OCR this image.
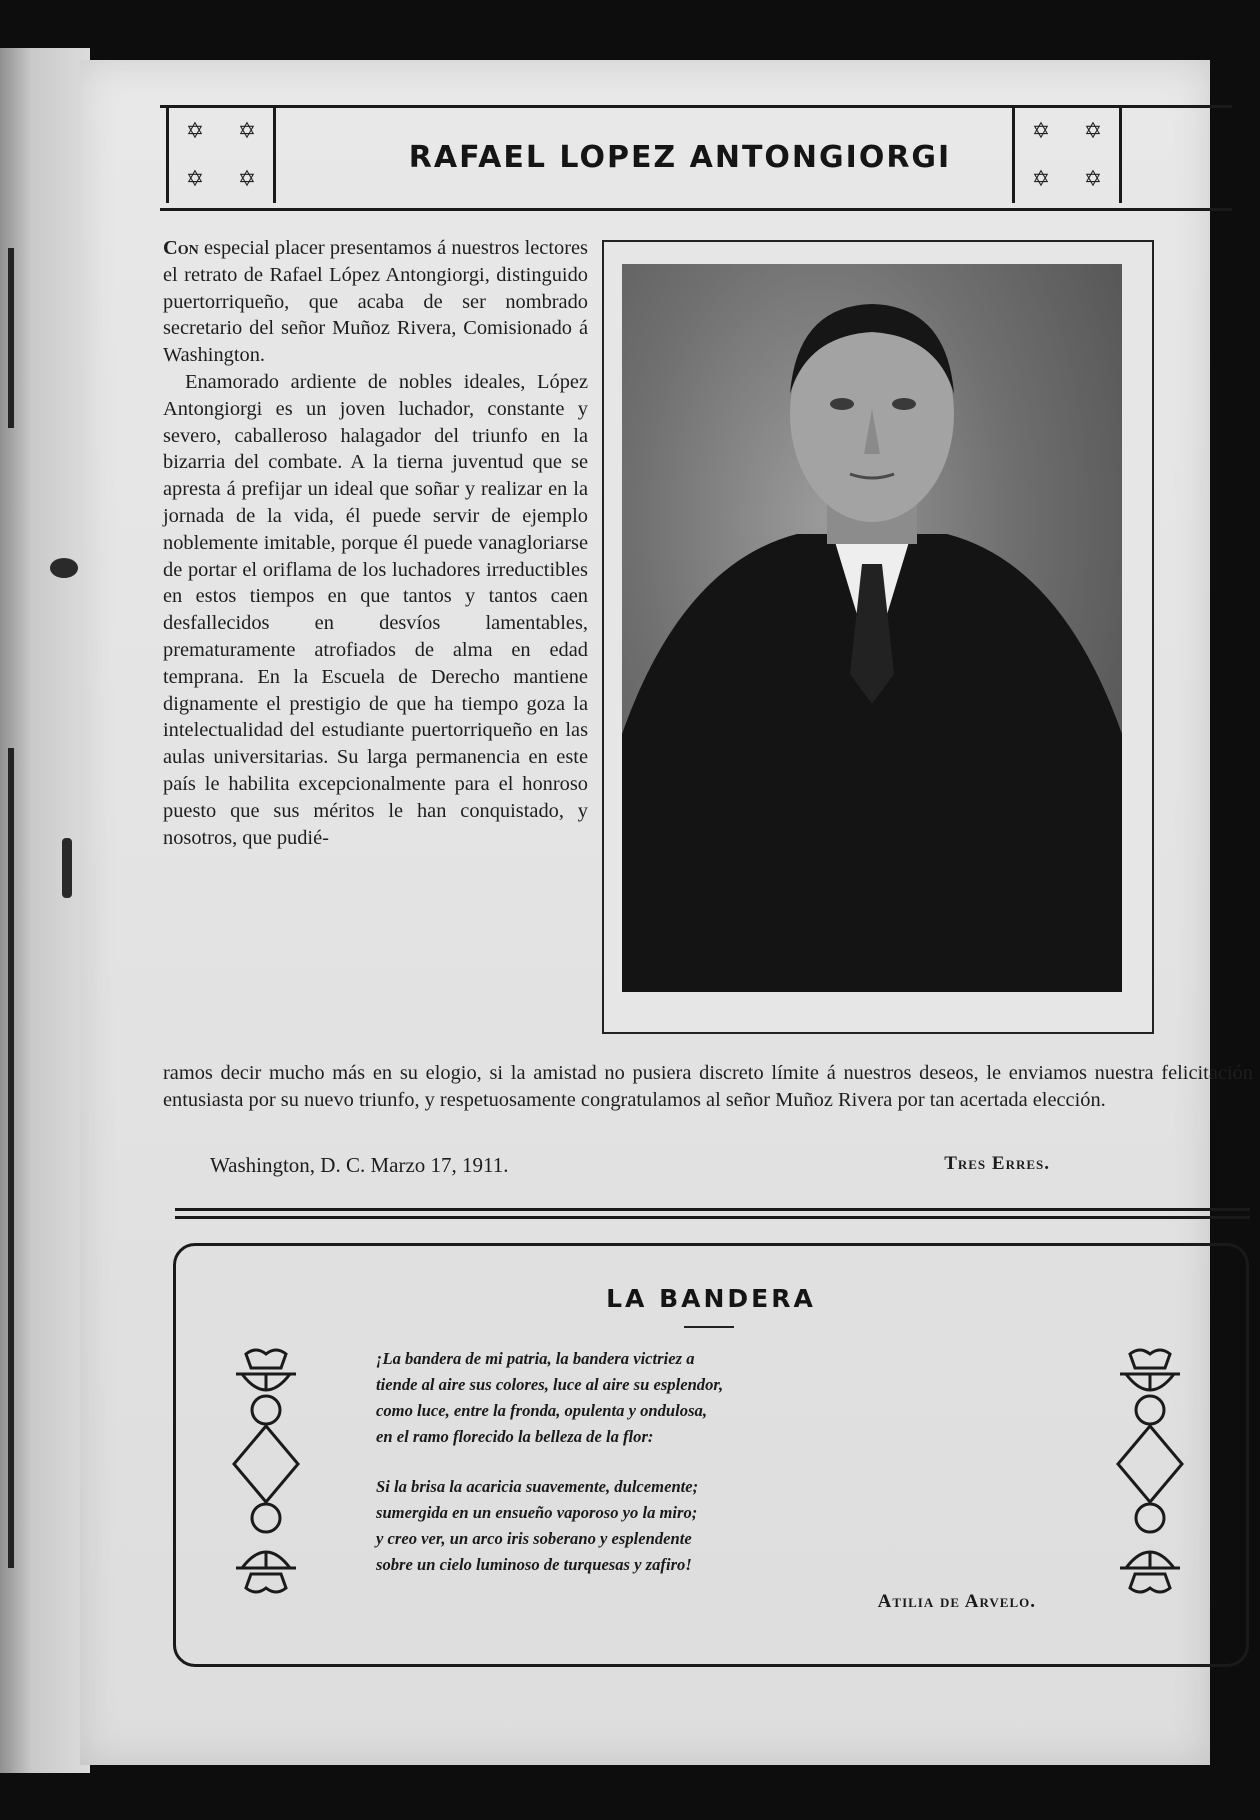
✡ ✡
✡ ✡
RAFAEL LOPEZ ANTONGIORGI
✡ ✡
✡ ✡

Con especial placer presentamos á nuestros lectores el retrato de Rafael López Antongiorgi, distinguido puertorriqueño, que acaba de ser nombrado secretario del señor Muñoz Rivera, Comisionado á Washington.

Enamorado ardiente de nobles ideales, López Antongiorgi es un joven luchador, constante y severo, caballeroso halagador del triunfo en la bizarria del combate. A la tierna juventud que se apresta á prefijar un ideal que soñar y realizar en la jornada de la vida, él puede servir de ejemplo noblemente imitable, porque él puede vanagloriarse de portar el oriflama de los luchadores irreductibles en estos tiempos en que tantos y tantos caen desfallecidos en desvíos lamentables, prematuramente atrofiados de alma en edad temprana. En la Escuela de Derecho mantiene dignamente el prestigio de que ha tiempo goza la intelectualidad del estudiante puertorriqueño en las aulas universitarias. Su larga permanencia en este país le habilita excepcionalmente para el honroso puesto que sus méritos le han conquistado, y nosotros, que pudié-

ramos decir mucho más en su elogio, si la amistad no pusiera discreto límite á nuestros deseos, le enviamos nuestra felicitación entusiasta por su nuevo triunfo, y respetuosamente congratulamos al señor Muñoz Rivera por tan acertada elección.
Washington, D. C. Marzo 17, 1911.	Tres Erres.
LA BANDERA
¡La bandera de mi patria, la bandera victriez a
tiende al aire sus colores, luce al aire su esplendor,
como luce, entre la fronda, opulenta y ondulosa,
en el ramo florecido la belleza de la flor:
Si la brisa la acaricia suavemente, dulcemente;
sumergida en un ensueño vaporoso yo la miro;
y creo ver, un arco iris soberano y esplendente
sobre un cielo luminoso de turquesas y zafiro!
Atilia de Arvelo.
